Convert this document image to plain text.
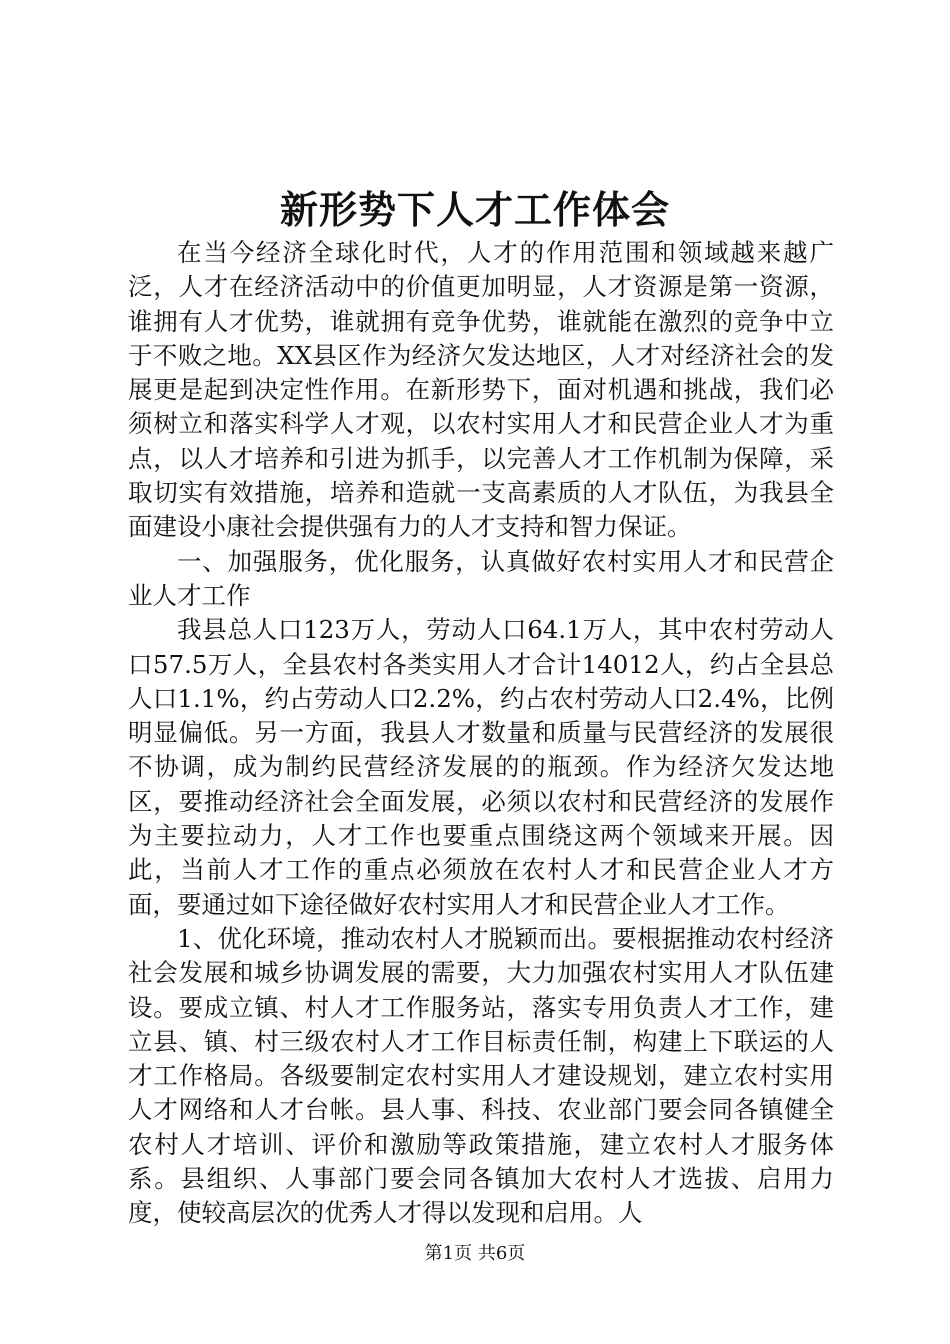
新形势下人才工作体会

在当今经济全球化时代，人才的作用范围和领域越来越广泛，人才在经济活动中的价值更加明显，人才资源是第一资源，谁拥有人才优势，谁就拥有竞争优势，谁就能在激烈的竞争中立于不败之地。XX县区作为经济欠发达地区，人才对经济社会的发展更是起到决定性作用。在新形势下，面对机遇和挑战，我们必须树立和落实科学人才观，以农村实用人才和民营企业人才为重点，以人才培养和引进为抓手，以完善人才工作机制为保障，采取切实有效措施，培养和造就一支高素质的人才队伍，为我县全面建设小康社会提供强有力的人才支持和智力保证。

一、加强服务，优化服务，认真做好农村实用人才和民营企业人才工作

我县总人口123万人，劳动人口64.1万人，其中农村劳动人口57.5万人，全县农村各类实用人才合计14012人，约占全县总人口1.1%，约占劳动人口2.2%，约占农村劳动人口2.4%，比例明显偏低。另一方面，我县人才数量和质量与民营经济的发展很不协调，成为制约民营经济发展的的瓶颈。作为经济欠发达地区，要推动经济社会全面发展，必须以农村和民营经济的发展作为主要拉动力，人才工作也要重点围绕这两个领域来开展。因此，当前人才工作的重点必须放在农村人才和民营企业人才方面，要通过如下途径做好农村实用人才和民营企业人才工作。

1、优化环境，推动农村人才脱颖而出。要根据推动农村经济社会发展和城乡协调发展的需要，大力加强农村实用人才队伍建设。要成立镇、村人才工作服务站，落实专用负责人才工作，建立县、镇、村三级农村人才工作目标责任制，构建上下联运的人才工作格局。各级要制定农村实用人才建设规划，建立农村实用人才网络和人才台帐。县人事、科技、农业部门要会同各镇健全农村人才培训、评价和激励等政策措施，建立农村人才服务体系。县组织、人事部门要会同各镇加大农村人才选拔、启用力度，使较高层次的优秀人才得以发现和启用。人

第1页 共6页
